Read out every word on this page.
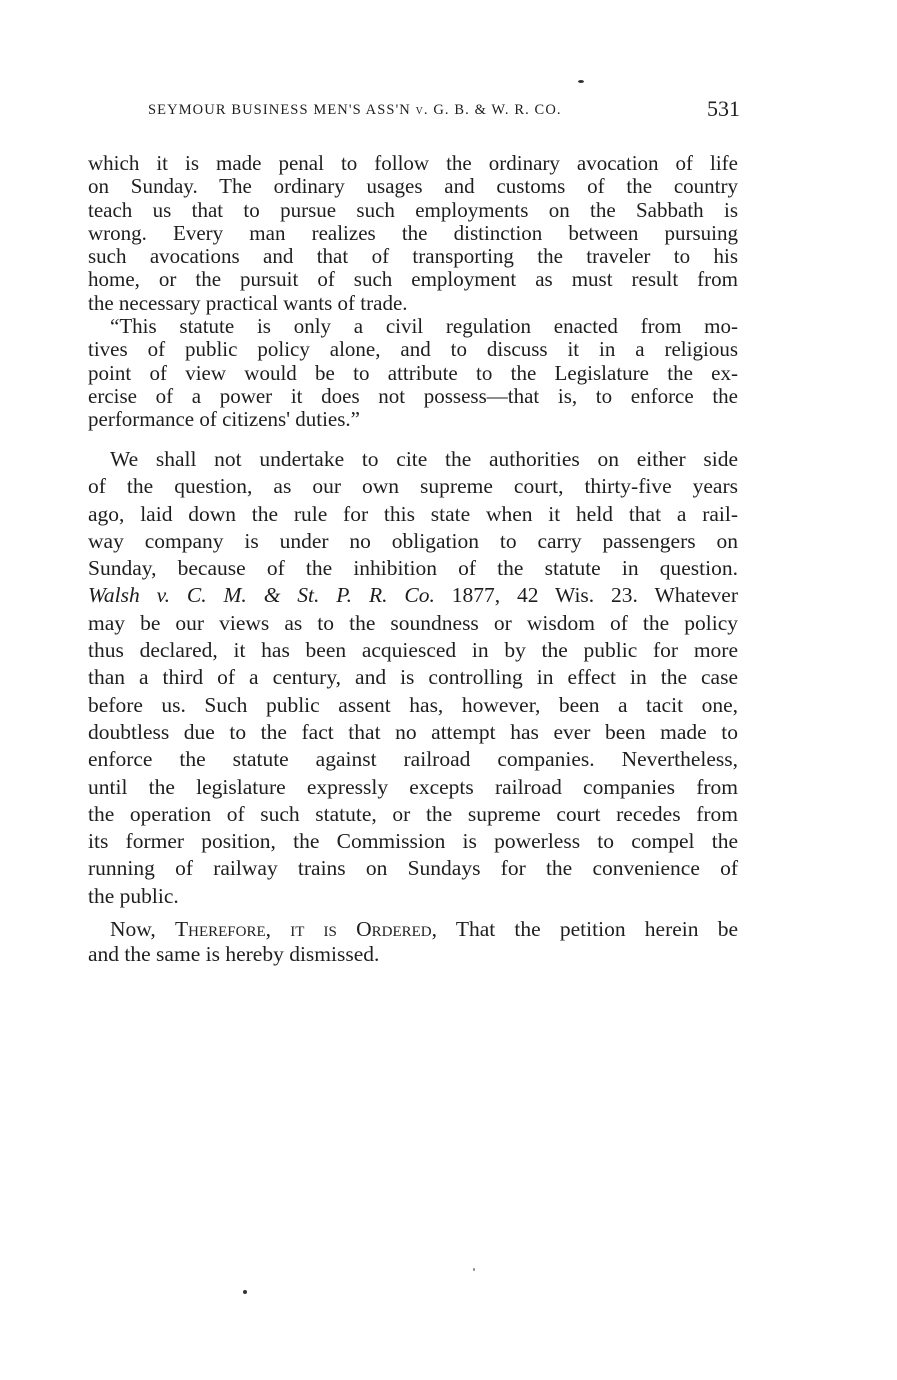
SEYMOUR BUSINESS MEN'S ASS'N v. G. B. & W. R. CO.	531
which it is made penal to follow the ordinary avocation of life
on Sunday. The ordinary usages and customs of the country
teach us that to pursue such employments on the Sabbath is
wrong. Every man realizes the distinction between pursuing
such avocations and that of transporting the traveler to his
home, or the pursuit of such employment as must result from
the necessary practical wants of trade.
“This statute is only a civil regulation enacted from mo-
tives of public policy alone, and to discuss it in a religious
point of view would be to attribute to the Legislature the ex-
ercise of a power it does not possess—that is, to enforce the
performance of citizens' duties.”
We shall not undertake to cite the authorities on either side
of the question, as our own supreme court, thirty-five years
ago, laid down the rule for this state when it held that a rail-
way company is under no obligation to carry passengers on
Sunday, because of the inhibition of the statute in question.
Walsh v. C. M. & St. P. R. Co. 1877, 42 Wis. 23. Whatever
may be our views as to the soundness or wisdom of the policy
thus declared, it has been acquiesced in by the public for more
than a third of a century, and is controlling in effect in the case
before us. Such public assent has, however, been a tacit one,
doubtless due to the fact that no attempt has ever been made to
enforce the statute against railroad companies. Nevertheless,
until the legislature expressly excepts railroad companies from
the operation of such statute, or the supreme court recedes from
its former position, the Commission is powerless to compel the
running of railway trains on Sundays for the convenience of
the public.
Now, Therefore, it is Ordered, That the petition herein be
and the same is hereby dismissed.
